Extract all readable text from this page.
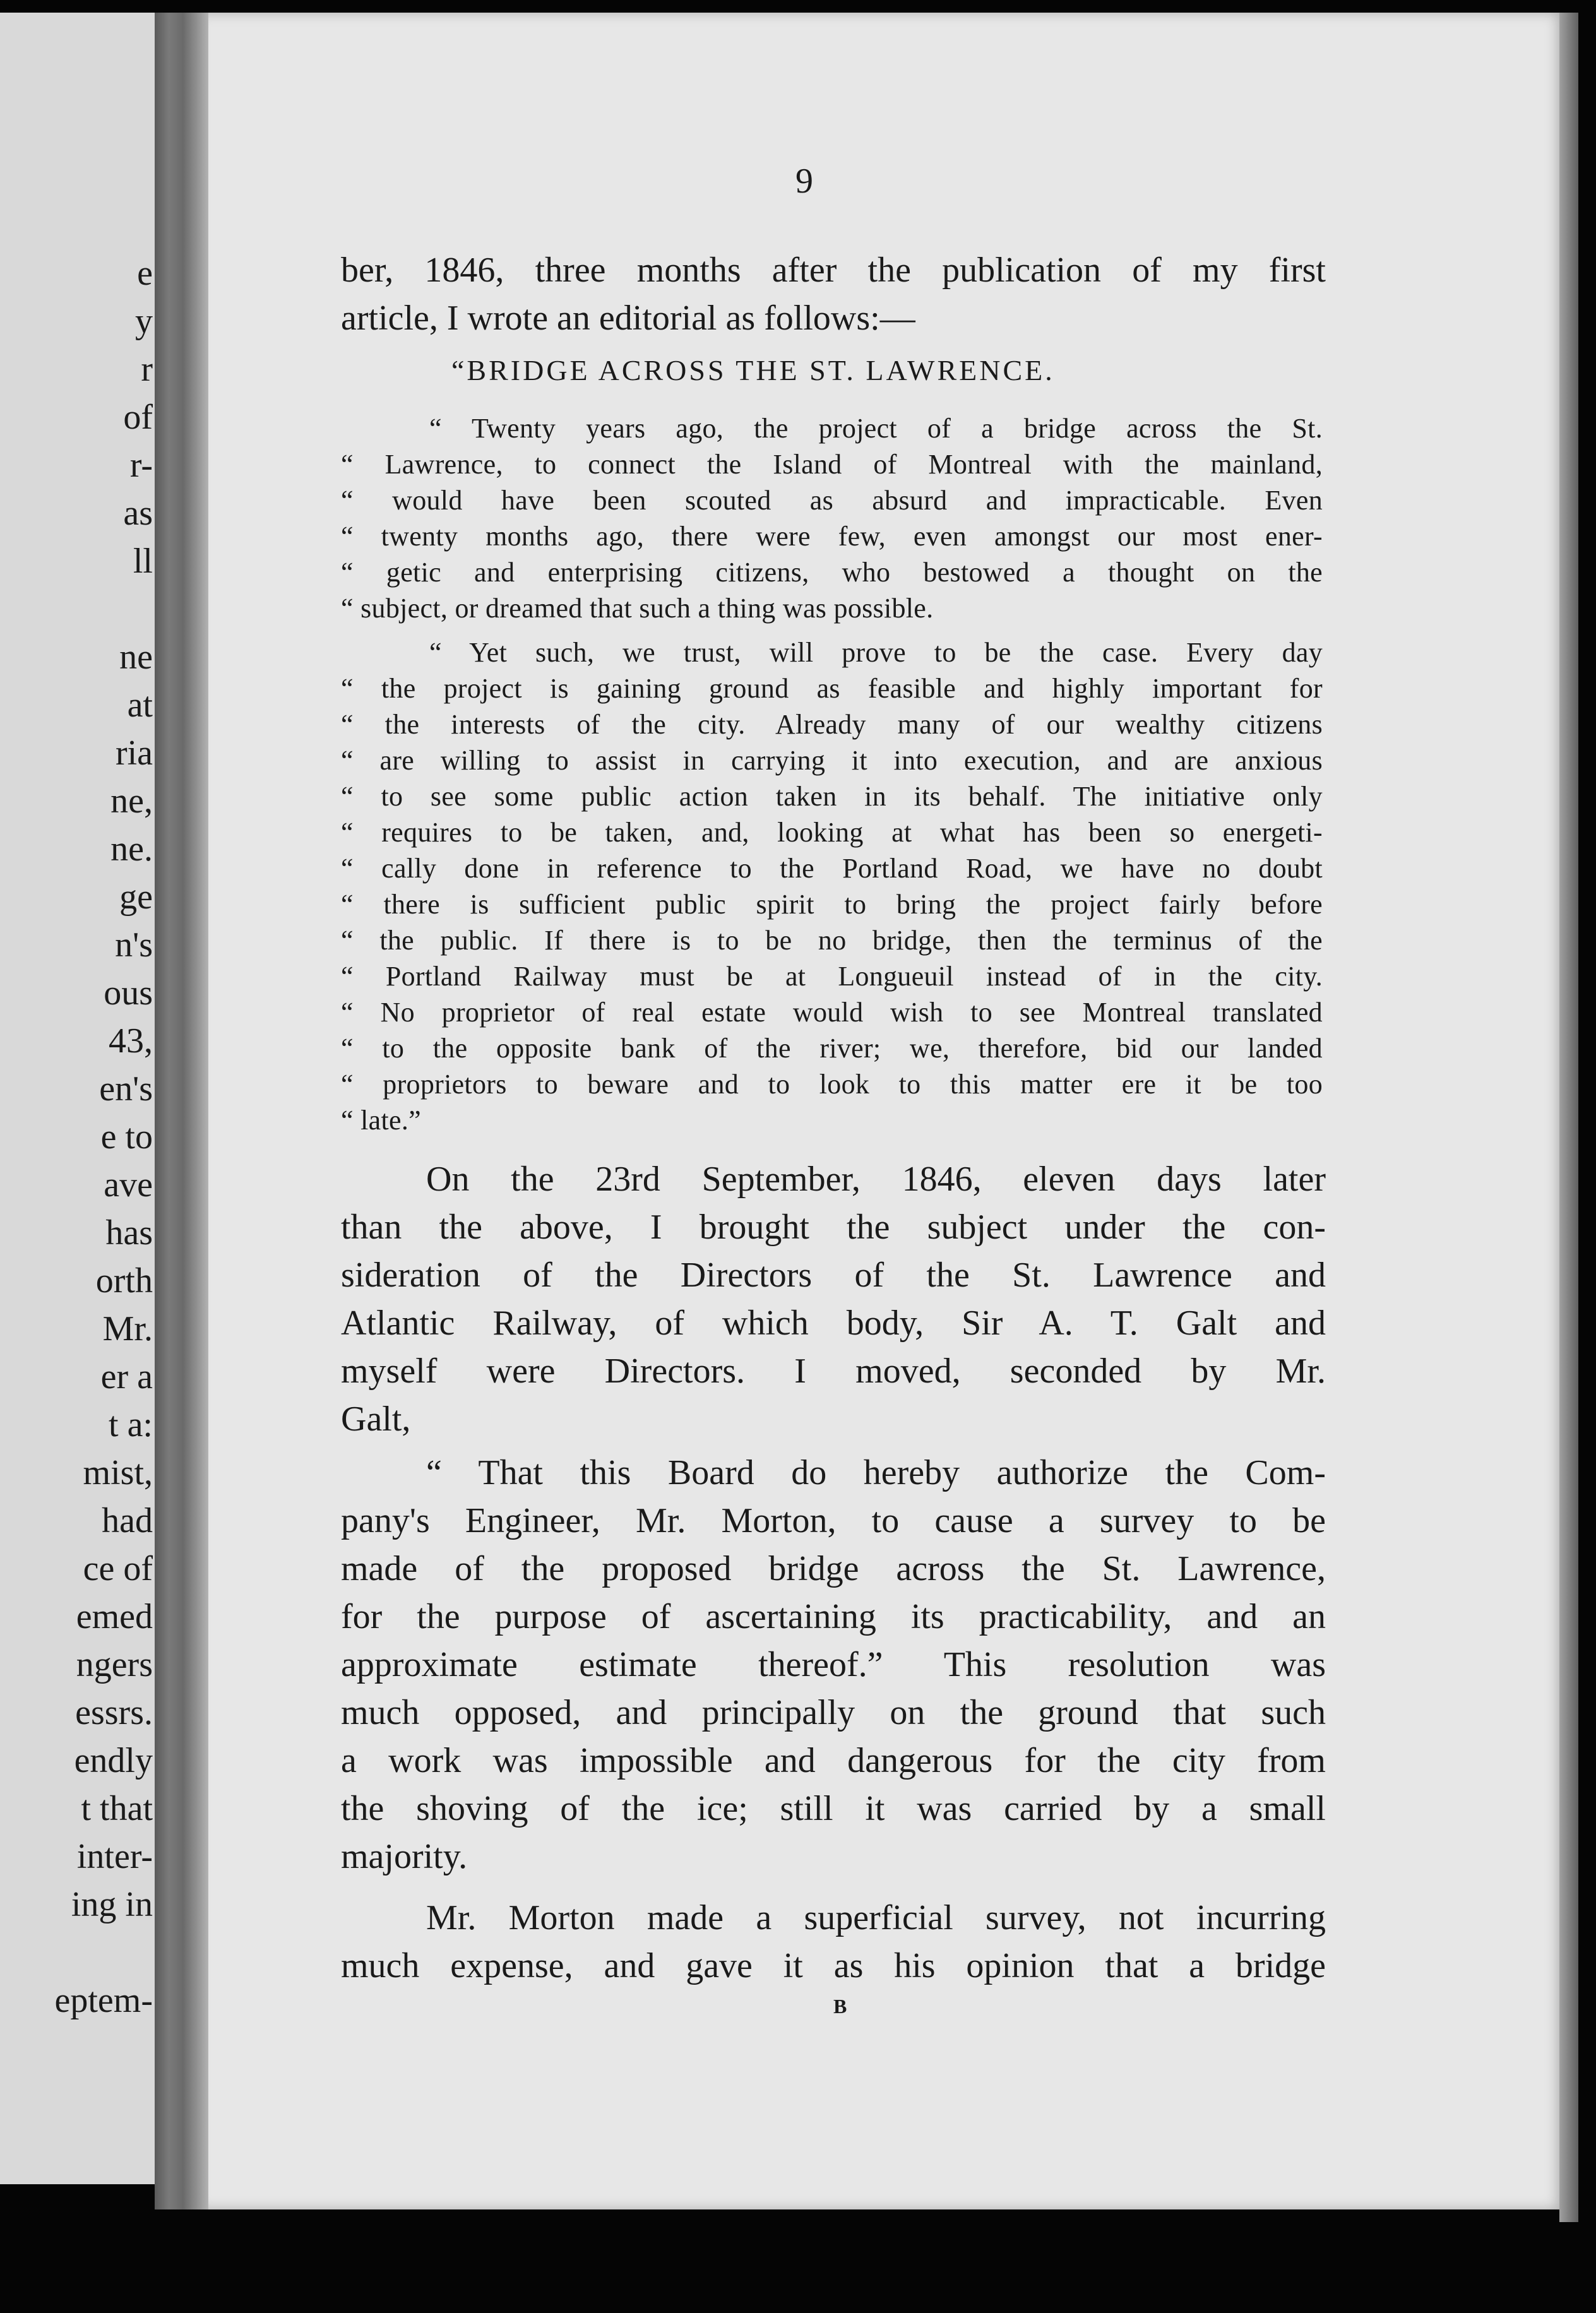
e
y
r
of
r-
as
ll
ne
at
ria
ne,
ne.
ge
n's
ous
43,
en's
e to
ave
has
orth
Mr.
er a
t a:
mist,
had
ce of
emed
ngers
essrs.
endly
t that
inter-
ing in
eptem-
9
ber, 1846, three months after the publication of my first
article, I wrote an editorial as follows:—
“BRIDGE ACROSS THE ST. LAWRENCE.
“ Twenty years ago, the project of a bridge across the St.
“ Lawrence, to connect the Island of Montreal with the mainland,
“ would have been scouted as absurd and impracticable. Even
“ twenty months ago, there were few, even amongst our most ener-
“ getic and enterprising citizens, who bestowed a thought on the
“ subject, or dreamed that such a thing was possible.
“ Yet such, we trust, will prove to be the case. Every day
“ the project is gaining ground as feasible and highly important for
“ the interests of the city. Already many of our wealthy citizens
“ are willing to assist in carrying it into execution, and are anxious
“ to see some public action taken in its behalf. The initiative only
“ requires to be taken, and, looking at what has been so energeti-
“ cally done in reference to the Portland Road, we have no doubt
“ there is sufficient public spirit to bring the project fairly before
“ the public. If there is to be no bridge, then the terminus of the
“ Portland Railway must be at Longueuil instead of in the city.
“ No proprietor of real estate would wish to see Montreal translated
“ to the opposite bank of the river; we, therefore, bid our landed
“ proprietors to beware and to look to this matter ere it be too
“ late.”
On the 23rd September, 1846, eleven days later
than the above, I brought the subject under the con-
sideration of the Directors of the St. Lawrence and
Atlantic Railway, of which body, Sir A. T. Galt and
myself were Directors. I moved, seconded by Mr.
Galt,
“ That this Board do hereby authorize the Com-
pany's Engineer, Mr. Morton, to cause a survey to be
made of the proposed bridge across the St. Lawrence,
for the purpose of ascertaining its practicability, and an
approximate estimate thereof.” This resolution was
much opposed, and principally on the ground that such
a work was impossible and dangerous for the city from
the shoving of the ice; still it was carried by a small
majority.
Mr. Morton made a superficial survey, not incurring
much expense, and gave it as his opinion that a bridge
B
